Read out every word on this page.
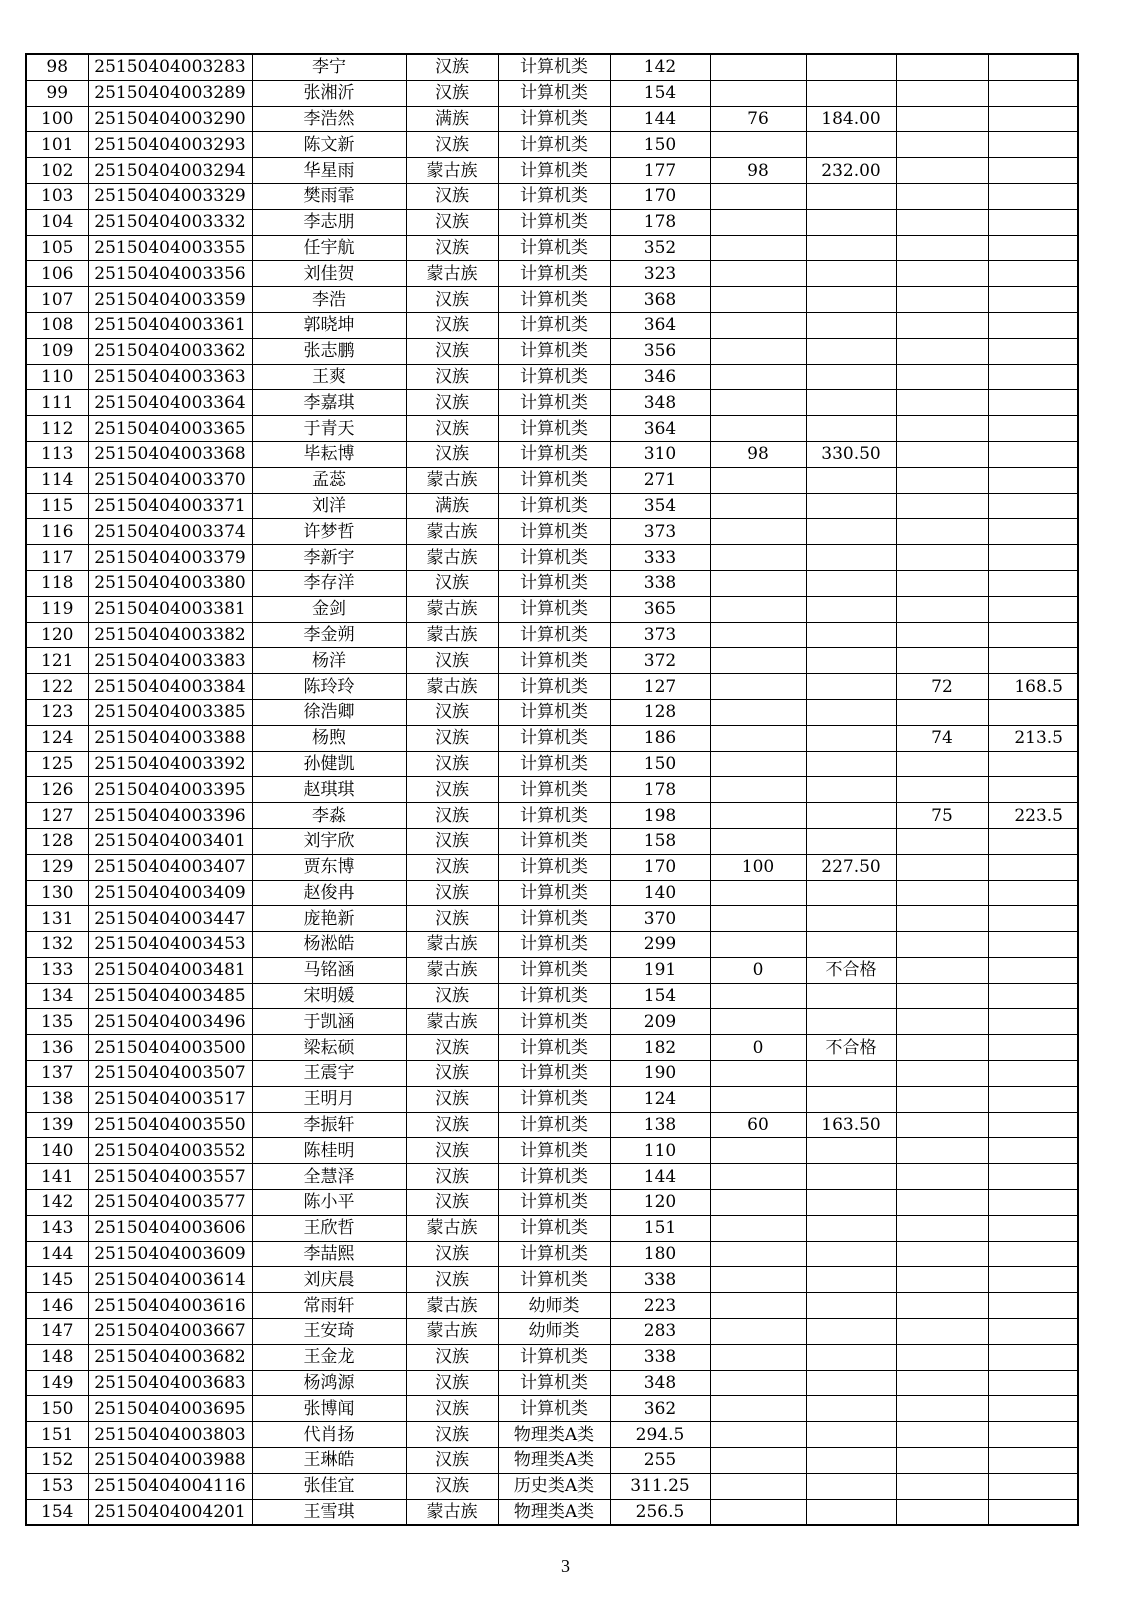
98	25150404003283	李宁	汉族	计算机类	142				
99	25150404003289	张湘沂	汉族	计算机类	154				
100	25150404003290	李浩然	满族	计算机类	144	76	184.00		
101	25150404003293	陈文新	汉族	计算机类	150				
102	25150404003294	华星雨	蒙古族	计算机类	177	98	232.00		
103	25150404003329	樊雨霏	汉族	计算机类	170				
104	25150404003332	李志朋	汉族	计算机类	178				
105	25150404003355	任宇航	汉族	计算机类	352				
106	25150404003356	刘佳贺	蒙古族	计算机类	323				
107	25150404003359	李浩	汉族	计算机类	368				
108	25150404003361	郭晓坤	汉族	计算机类	364				
109	25150404003362	张志鹏	汉族	计算机类	356				
110	25150404003363	王爽	汉族	计算机类	346				
111	25150404003364	李嘉琪	汉族	计算机类	348				
112	25150404003365	于青天	汉族	计算机类	364				
113	25150404003368	毕耘博	汉族	计算机类	310	98	330.50		
114	25150404003370	孟蕊	蒙古族	计算机类	271				
115	25150404003371	刘洋	满族	计算机类	354				
116	25150404003374	许梦哲	蒙古族	计算机类	373				
117	25150404003379	李新宇	蒙古族	计算机类	333				
118	25150404003380	李存洋	汉族	计算机类	338				
119	25150404003381	金剑	蒙古族	计算机类	365				
120	25150404003382	李金朔	蒙古族	计算机类	373				
121	25150404003383	杨洋	汉族	计算机类	372				
122	25150404003384	陈玲玲	蒙古族	计算机类	127			72	168.5
123	25150404003385	徐浩卿	汉族	计算机类	128				
124	25150404003388	杨煦	汉族	计算机类	186			74	213.5
125	25150404003392	孙健凯	汉族	计算机类	150				
126	25150404003395	赵琪琪	汉族	计算机类	178				
127	25150404003396	李淼	汉族	计算机类	198			75	223.5
128	25150404003401	刘宇欣	汉族	计算机类	158				
129	25150404003407	贾东博	汉族	计算机类	170	100	227.50		
130	25150404003409	赵俊冉	汉族	计算机类	140				
131	25150404003447	庞艳新	汉族	计算机类	370				
132	25150404003453	杨淞皓	蒙古族	计算机类	299				
133	25150404003481	马铭涵	蒙古族	计算机类	191	0	不合格		
134	25150404003485	宋明媛	汉族	计算机类	154				
135	25150404003496	于凯涵	蒙古族	计算机类	209				
136	25150404003500	梁耘硕	汉族	计算机类	182	0	不合格		
137	25150404003507	王震宇	汉族	计算机类	190				
138	25150404003517	王明月	汉族	计算机类	124				
139	25150404003550	李振轩	汉族	计算机类	138	60	163.50		
140	25150404003552	陈桂明	汉族	计算机类	110				
141	25150404003557	全慧泽	汉族	计算机类	144				
142	25150404003577	陈小平	汉族	计算机类	120				
143	25150404003606	王欣哲	蒙古族	计算机类	151				
144	25150404003609	李喆熙	汉族	计算机类	180				
145	25150404003614	刘庆晨	汉族	计算机类	338				
146	25150404003616	常雨轩	蒙古族	幼师类	223				
147	25150404003667	王安琦	蒙古族	幼师类	283				
148	25150404003682	王金龙	汉族	计算机类	338				
149	25150404003683	杨鸿源	汉族	计算机类	348				
150	25150404003695	张博闻	汉族	计算机类	362				
151	25150404003803	代肖扬	汉族	物理类A类	294.5				
152	25150404003988	王琳皓	汉族	物理类A类	255				
153	25150404004116	张佳宜	汉族	历史类A类	311.25				
154	25150404004201	王雪琪	蒙古族	物理类A类	256.5				
3
